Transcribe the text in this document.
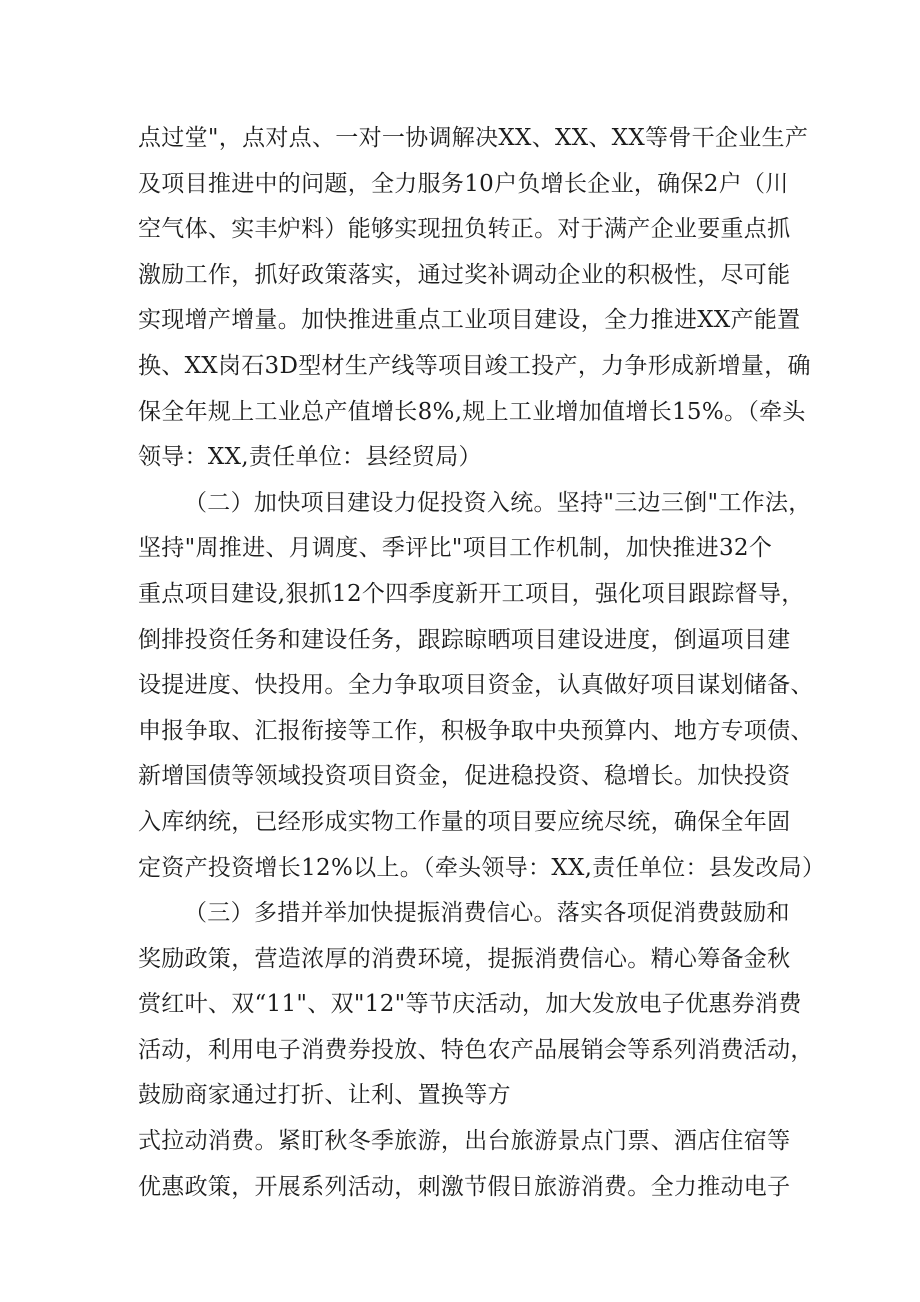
点过堂"，点对点、一对一协调解决XX、XX、XX等骨干企业生产
及项目推进中的问题，全力服务10户负增长企业，确保2户（川
空气体、实丰炉料）能够实现扭负转正。对于满产企业要重点抓
激励工作，抓好政策落实，通过奖补调动企业的积极性，尽可能
实现增产增量。加快推进重点工业项目建设，全力推进XX产能置
换、XX岗石3D型材生产线等项目竣工投产，力争形成新增量，确
保全年规上工业总产值增长8%,规上工业增加值增长15%。（牵头
领导：XX,责任单位：县经贸局）
（二）加快项目建设力促投资入统。坚持"三边三倒"工作法，
坚持"周推进、月调度、季评比"项目工作机制，加快推进32个
重点项目建设,狠抓12个四季度新开工项目，强化项目跟踪督导，
倒排投资任务和建设任务，跟踪晾晒项目建设进度，倒逼项目建
设提进度、快投用。全力争取项目资金，认真做好项目谋划储备、
申报争取、汇报衔接等工作，积极争取中央预算内、地方专项债、
新增国债等领域投资项目资金，促进稳投资、稳增长。加快投资
入库纳统，已经形成实物工作量的项目要应统尽统，确保全年固
定资产投资增长12%以上。（牵头领导：XX,责任单位：县发改局）
（三）多措并举加快提振消费信心。落实各项促消费鼓励和
奖励政策，营造浓厚的消费环境，提振消费信心。精心筹备金秋
赏红叶、双“11"、双"12"等节庆活动，加大发放电子优惠券消费
活动，利用电子消费券投放、特色农产品展销会等系列消费活动，
鼓励商家通过打折、让利、置换等方
式拉动消费。紧盯秋冬季旅游，出台旅游景点门票、酒店住宿等
优惠政策，开展系列活动，刺激节假日旅游消费。全力推动电子
